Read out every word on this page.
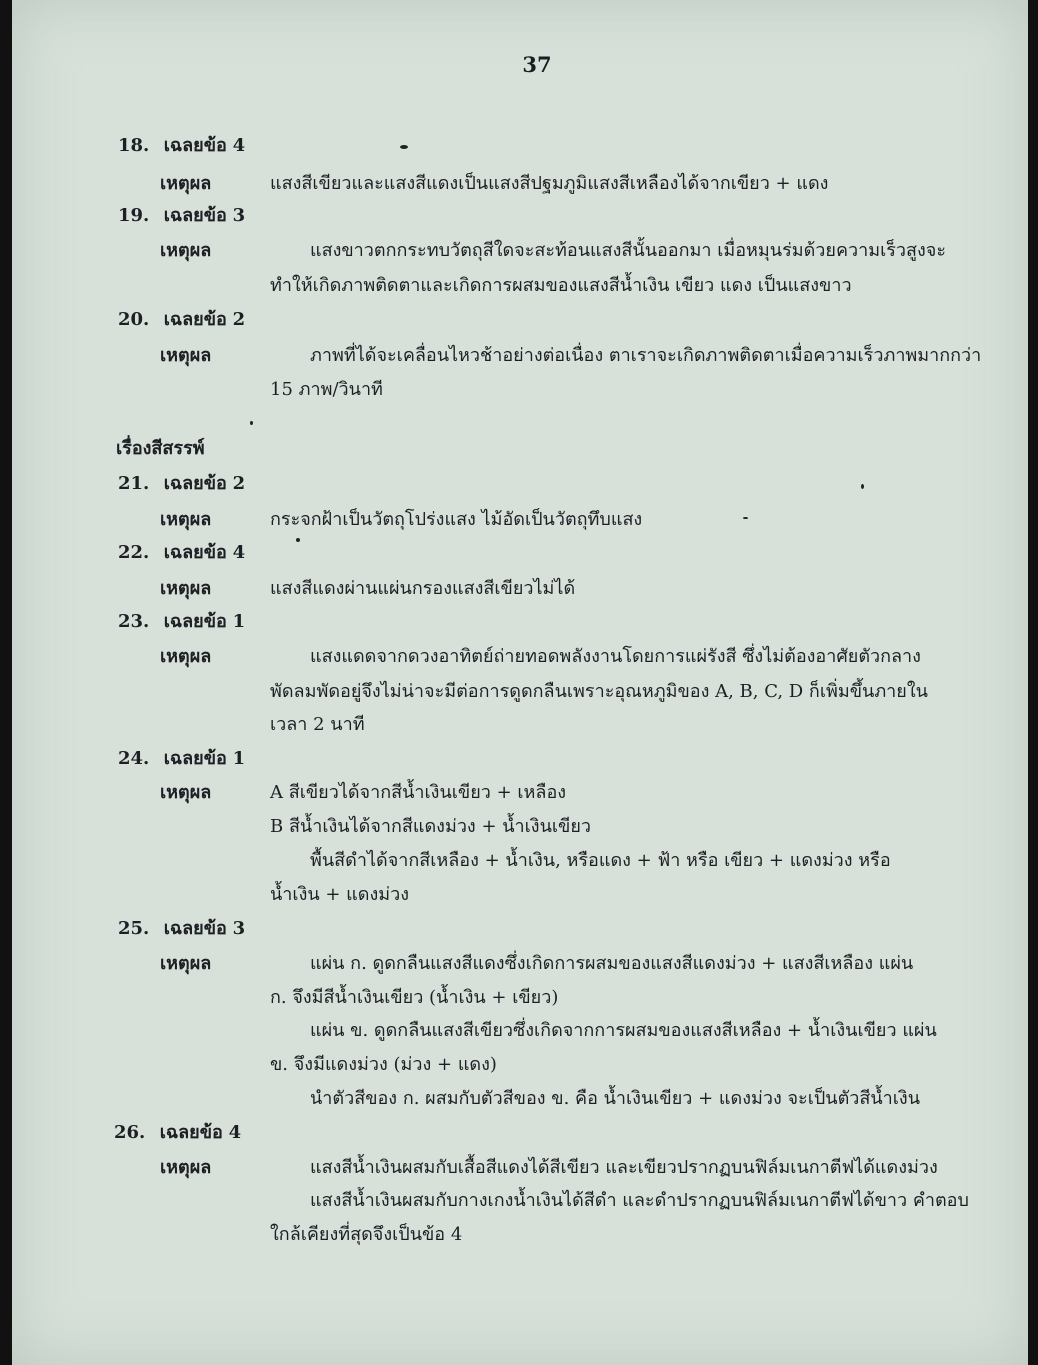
37
18. เฉลยข้อ 4
เหตุผล	แสงสีเขียวและแสงสีแดงเป็นแสงสีปฐมภูมิแสงสีเหลืองได้จากเขียว + แดง
19. เฉลยข้อ 3
เหตุผล	แสงขาวตกกระทบวัตถุสีใดจะสะท้อนแสงสีนั้นออกมา เมื่อหมุนร่มด้วยความเร็วสูงจะ
ทำให้เกิดภาพติดตาและเกิดการผสมของแสงสีน้ำเงิน เขียว แดง เป็นแสงขาว
20. เฉลยข้อ 2
เหตุผล	ภาพที่ได้จะเคลื่อนไหวช้าอย่างต่อเนื่อง ตาเราจะเกิดภาพติดตาเมื่อความเร็วภาพมากกว่า
15 ภาพ/วินาที
เรื่องสีสรรพ์
21. เฉลยข้อ 2
เหตุผล	กระจกฝ้าเป็นวัตถุโปร่งแสง ไม้อัดเป็นวัตถุทึบแสง
22. เฉลยข้อ 4
เหตุผล	แสงสีแดงผ่านแผ่นกรองแสงสีเขียวไม่ได้
23. เฉลยข้อ 1
เหตุผล	แสงแดดจากดวงอาทิตย์ถ่ายทอดพลังงานโดยการแผ่รังสี ซึ่งไม่ต้องอาศัยตัวกลาง
พัดลมพัดอยู่จึงไม่น่าจะมีต่อการดูดกลืนเพราะอุณหภูมิของ A, B, C, D ก็เพิ่มขึ้นภายใน
เวลา 2 นาที
24. เฉลยข้อ 1
เหตุผล	A สีเขียวได้จากสีน้ำเงินเขียว + เหลือง
B สีน้ำเงินได้จากสีแดงม่วง + น้ำเงินเขียว
พื้นสีดำได้จากสีเหลือง + น้ำเงิน, หรือแดง + ฟ้า หรือ เขียว + แดงม่วง หรือ
น้ำเงิน + แดงม่วง
25. เฉลยข้อ 3
เหตุผล	แผ่น ก. ดูดกลืนแสงสีแดงซึ่งเกิดการผสมของแสงสีแดงม่วง + แสงสีเหลือง แผ่น
ก. จึงมีสีน้ำเงินเขียว (น้ำเงิน + เขียว)
แผ่น ข. ดูดกลืนแสงสีเขียวซึ่งเกิดจากการผสมของแสงสีเหลือง + น้ำเงินเขียว แผ่น
ข. จึงมีแดงม่วง (ม่วง + แดง)
นำตัวสีของ ก. ผสมกับตัวสีของ ข. คือ น้ำเงินเขียว + แดงม่วง จะเป็นตัวสีน้ำเงิน
26. เฉลยข้อ 4
เหตุผล	แสงสีน้ำเงินผสมกับเสื้อสีแดงได้สีเขียว และเขียวปรากฏบนฟิล์มเนกาตีฟได้แดงม่วง
แสงสีน้ำเงินผสมกับกางเกงน้ำเงินได้สีดำ และดำปรากฏบนฟิล์มเนกาตีฟได้ขาว คำตอบ
ใกล้เคียงที่สุดจึงเป็นข้อ 4
